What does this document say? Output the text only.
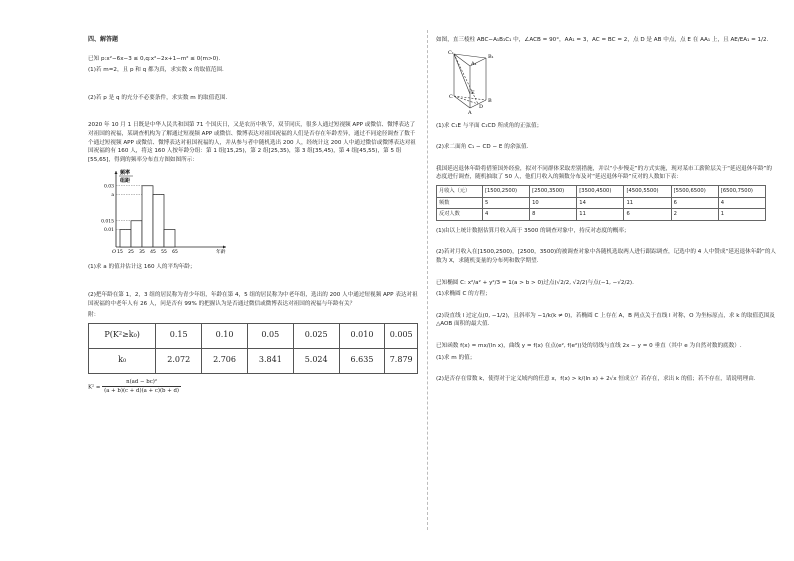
四、解答题
已知 p:x²−6x−3 ≤ 0,q:x²−2x+1−m² ≤ 0(m>0).
(1)若 m=2，且 p 和 q 都为真，求实数 x 的取值范围.
(2)若 p 是 q 的充分不必要条件，求实数 m 的取值范围.
2020 年 10 月 1 日既是中华人民共和国第 71 个国庆日，又是农历中秋节，双节同庆，很多人通过短视频 APP 或微信、微博表达了对祖国的祝福，某调查机构为了解通过短视频 APP 或微信、微博表达对祖国祝福的人们是否存在年龄差异，通过不同途径调查了数千个通过短视频 APP 或微信、微博表达对祖国祝福的人，并从参与者中随机选出 200 人，经统计这 200 人中通过微信或微博表达对祖国祝福的有 160 人，将这 160 人按年龄分组：第 1 组[15,25)，第 2 组[25,35)，第 3 组[35,45)，第 4 组[45,55)，第 5 组[55,65]，得到的频率分布直方图如图所示：
a
0.03
0.015
0.01
15 25 35 45 55 65
O
频率
组距
年龄
(1)求 a 的值并估计这 160 人的平均年龄；
(2)把年龄在第 1，2，3 组的居民称为青少年组，年龄在第 4，5 组的居民称为中老年组，选出的 200 人中通过短视频 APP 表达对祖国祝福的中老年人有 26 人，问是否有 99% 的把握认为是否通过微信或微博表达对祖国的祝福与年龄有关？
附：
P(K²≥k₀)	0.15	0.10	0.05	0.025	0.010	0.005
k₀	2.072	2.706	3.841	5.024	6.635	7.879
$K^2 = \frac{\text{n(ad − bc)²}}{(a + b)(c + d)(a + c)(b + d)}$
如图，直三棱柱 ABC−A₁B₁C₁ 中，∠ACB = 90°，AA₁ = 3，AC = BC = 2，点 D 是 AB 中点，点 E 在 AA₁ 上，且 AE/EA₁ = 1/2.
C₁
B₁
A₁
C
B
A
D
E
(1)求 C₁E 与平面 C₁CD 所成角的正弦值；
(2)求二面角 C₁ − CD − E 的余弦值.
我国延迟退休年龄将借鉴国外经验，拟对不同群体采取差别措施，并以“小步慢走”的方式实施，现对某市工薪阶层关于“延迟退休年龄”的态度进行调查，随机抽取了 50 人，他们月收入的频数分布及对“延迟退休年龄”反对的人数如下表：
月收入（元）	[1500,2500)	[2500,3500)	[3500,4500)	[4500,5500)	[5500,6500)	[6500,7500)
频数	5	10	14	11	6	4
反对人数	4	8	11	6	2	1
(1)由以上统计数据估算月收入高于 3500 的调查对象中，持反对态度的概率；
(2)若对月收入在[1500,2500)，[2500，3500)的被调查对象中各随机选取两人进行跟踪调查，记选中的 4 人中赞成“延迟退休年龄”的人数为 X，求随机变量的分布列和数学期望.
已知椭圆 C: x²/a² + y²/3 = 1(a > b > 0)过点(√2/2, √2/2)与点(−1, −√2/2).
(1)求椭圆 C 的方程；
(2)设直线 l 过定点(0, −1/2)，且斜率为 −1/k(k ≠ 0)，若椭圆 C 上存在 A，B 两点关于直线 l 对称，O 为坐标原点，求 k 的取值范围及 △AOB 面积的最大值.
已知函数 f(x) = mx/(ln x)，曲线 y = f(x) 在点(e², f(e²))处的切线与直线 2x − y = 0 垂直（其中 e 为自然对数的底数）.
(1)求 m 的值；
(2)是否存在常数 k，使得对于定义域内的任意 x，f(x) > k/(ln x) + 2√x 恒成立？若存在，求出 k 的值；若不存在，请说明理由.
